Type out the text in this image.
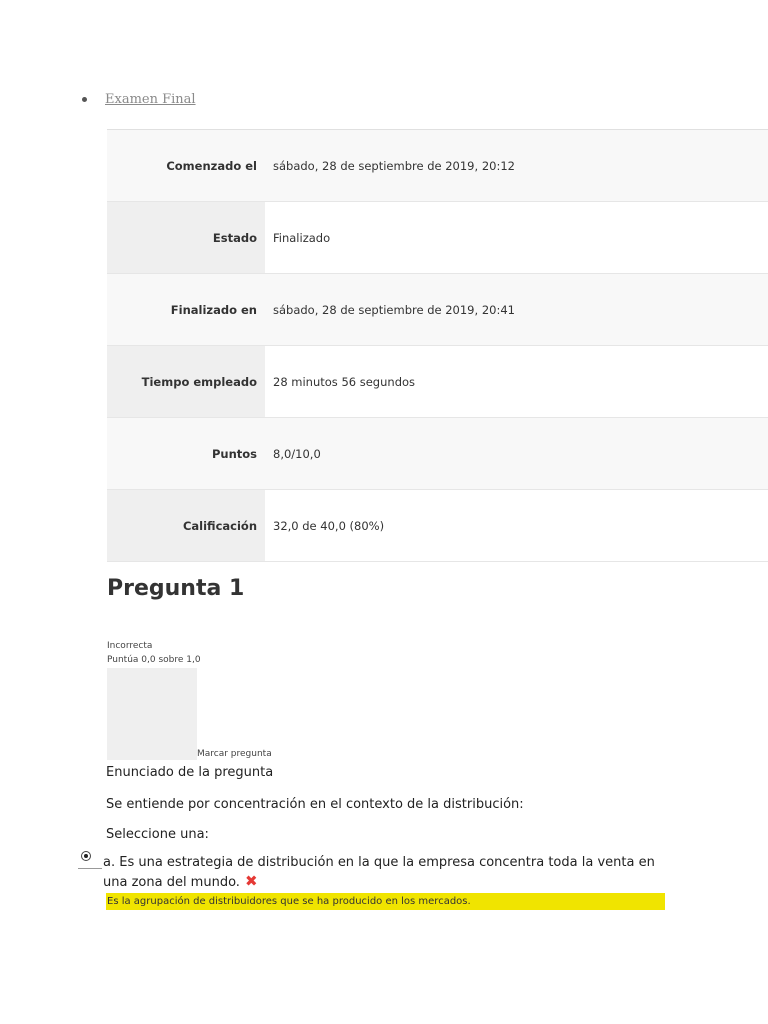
Examen Final
Comenzado el	sábado, 28 de septiembre de 2019, 20:12
Estado	Finalizado
Finalizado en	sábado, 28 de septiembre de 2019, 20:41
Tiempo empleado	28 minutos 56 segundos
Puntos	8,0/10,0
Calificación	32,0 de 40,0 (80%)
Pregunta 1
Incorrecta
Puntúa 0,0 sobre 1,0
Marcar pregunta
Enunciado de la pregunta
Se entiende por concentración en el contexto de la distribución:
Seleccione una:
a. Es una estrategia de distribución en la que la empresa concentra toda la venta en una zona del mundo. ✖
Es la agrupación de distribuidores que se ha producido en los mercados.
